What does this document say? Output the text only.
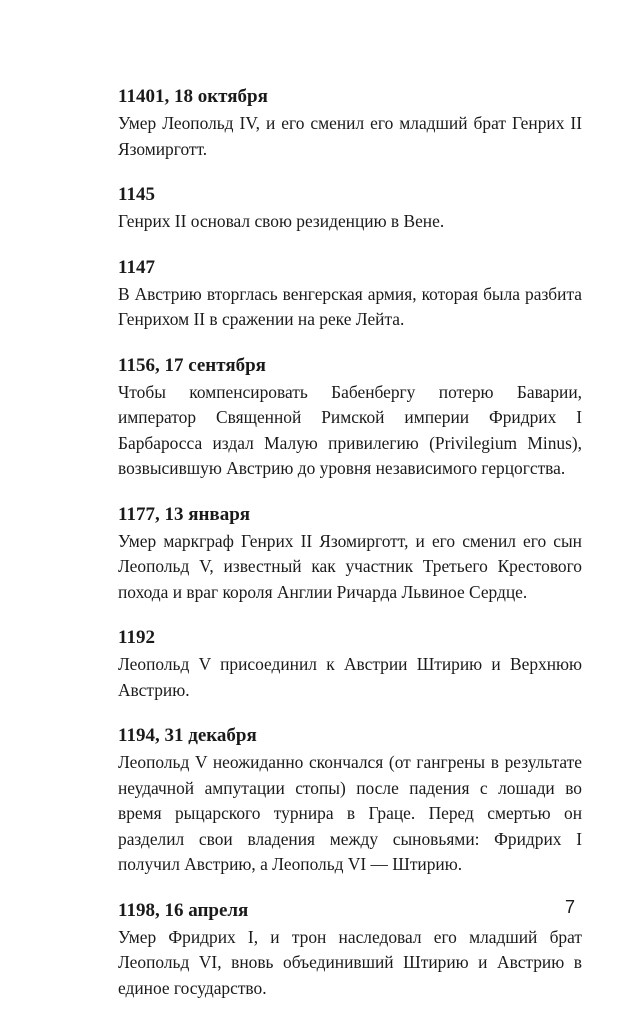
11401, 18 октября

Умер Леопольд IV, и его сменил его младший брат Генрих II Язомирготт.

1145

Генрих II основал свою резиденцию в Вене.

1147

В Австрию вторглась венгерская армия, которая была разбита Генрихом II в сражении на реке Лейта.

1156, 17 сентября

Чтобы компенсировать Бабенбергу потерю Баварии, император Священной Римской империи Фридрих I Барбаросса издал Малую привилегию (Privilegium Minus), возвысившую Австрию до уровня независимого герцогства.

1177, 13 января

Умер маркграф Генрих II Язомирготт, и его сменил его сын Леопольд V, известный как участник Третьего Крестового похода и враг короля Англии Ричарда Львиное Сердце.

1192

Леопольд V присоединил к Австрии Штирию и Верхнюю Австрию.

1194, 31 декабря

Леопольд V неожиданно скончался (от гангрены в результате неудачной ампутации стопы) после падения с лошади во время рыцарского турнира в Граце. Перед смертью он разделил свои владения между сыновьями: Фридрих I получил Австрию, а Леопольд VI — Штирию.

1198, 16 апреля

Умер Фридрих I, и трон наследовал его младший брат Леопольд VI, вновь объединивший Штирию и Австрию в единое государство.

7
